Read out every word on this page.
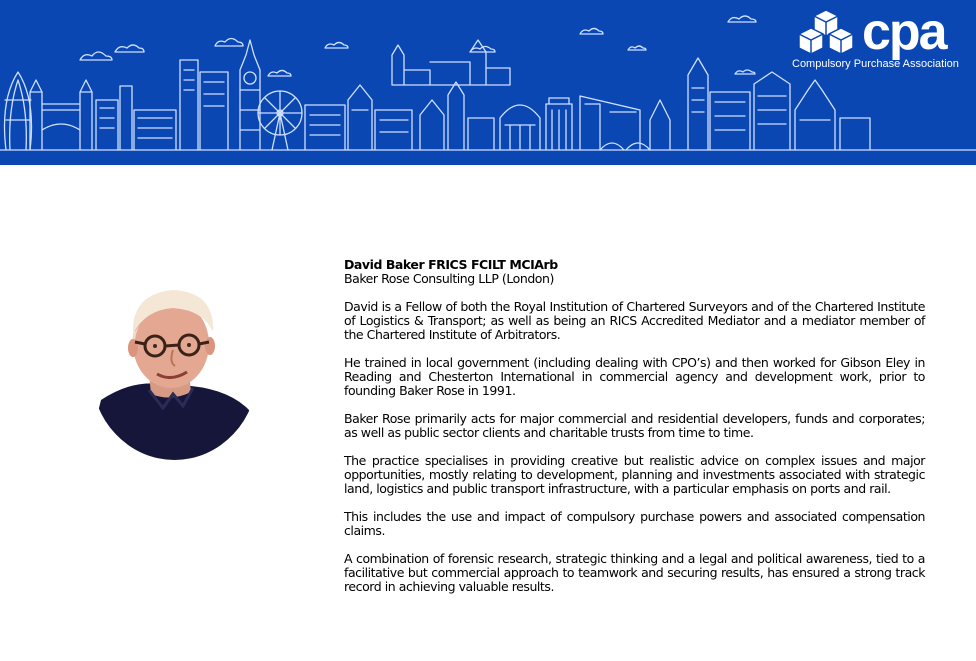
cpa
Compulsory Purchase Association

David Baker FRICS FCILT MCIArb

Baker Rose Consulting LLP (London)

David is a Fellow of both the Royal Institution of Chartered Surveyors and of the Chartered Institute of Logistics & Transport; as well as being an RICS Accredited Mediator and a mediator member of the Chartered Institute of Arbitrators.

He trained in local government (including dealing with CPO’s) and then worked for Gibson Eley in Reading and Chesterton International in commercial agency and development work, prior to founding Baker Rose in 1991.

Baker Rose primarily acts for major commercial and residential developers, funds and corporates; as well as public sector clients and charitable trusts from time to time.

The practice specialises in providing creative but realistic advice on complex issues and major opportunities, mostly relating to development, planning and investments associated with strategic land, logistics and public transport infrastructure, with a particular emphasis on ports and rail.

This includes the use and impact of compulsory purchase powers and associated compensation claims.

A combination of forensic research, strategic thinking and a legal and political awareness, tied to a facilitative but commercial approach to teamwork and securing results, has ensured a strong track record in achieving valuable results.
